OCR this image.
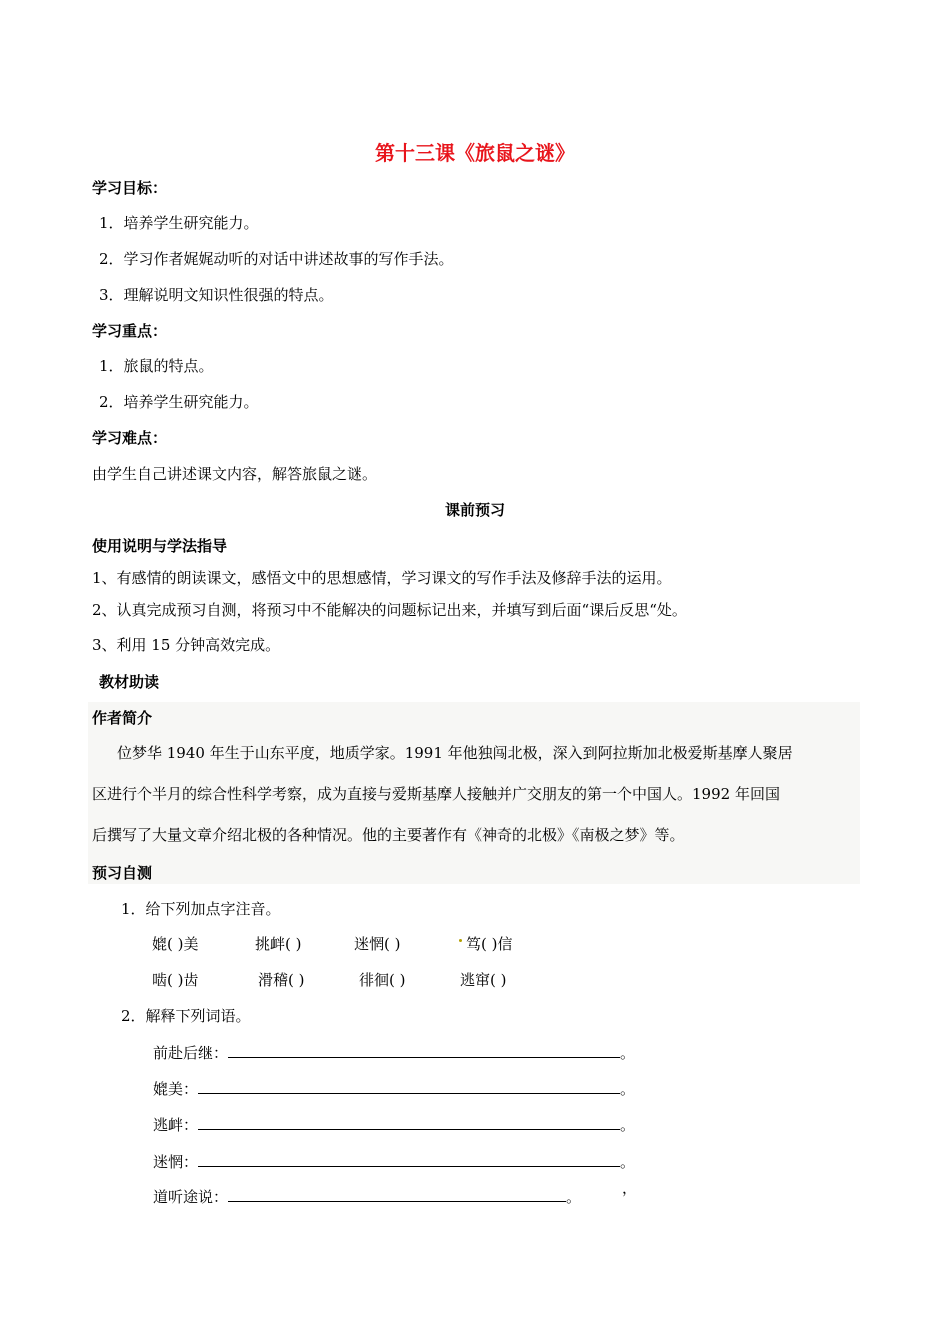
第十三课《旅鼠之谜》
学习目标：
1．培养学生研究能力。
2．学习作者娓娓动听的对话中讲述故事的写作手法。
3．理解说明文知识性很强的特点。
学习重点：
1．旅鼠的特点。
2．培养学生研究能力。
学习难点：
由学生自己讲述课文内容，解答旅鼠之谜。
课前预习
使用说明与学法指导
1、有感情的朗读课文，感悟文中的思想感情，学习课文的写作手法及修辞手法的运用。
2、认真完成预习自测，将预习中不能解决的问题标记出来，并填写到后面“课后反思“处。
3、利用 15 分钟高效完成。
教材助读
作者简介
位梦华 1940 年生于山东平度，地质学家。1991 年他独闯北极，深入到阿拉斯加北极爱斯基摩人聚居
区进行个半月的综合性科学考察，成为直接与爱斯基摩人接触并广交朋友的第一个中国人。1992 年回国
后撰写了大量文章介绍北极的各种情况。他的主要著作有《神奇的北极》《南极之梦》等。
预习自测
1．给下列加点字注音。
媲( )美	挑衅( )	迷惘( )	笃( )信
啮( )齿	滑稽( )	徘徊( )	逃窜( )
2．解释下列词语。
前赴后继：	。
媲美：	。
逃衅：	。
迷惘：	。
道听途说：	。	，
